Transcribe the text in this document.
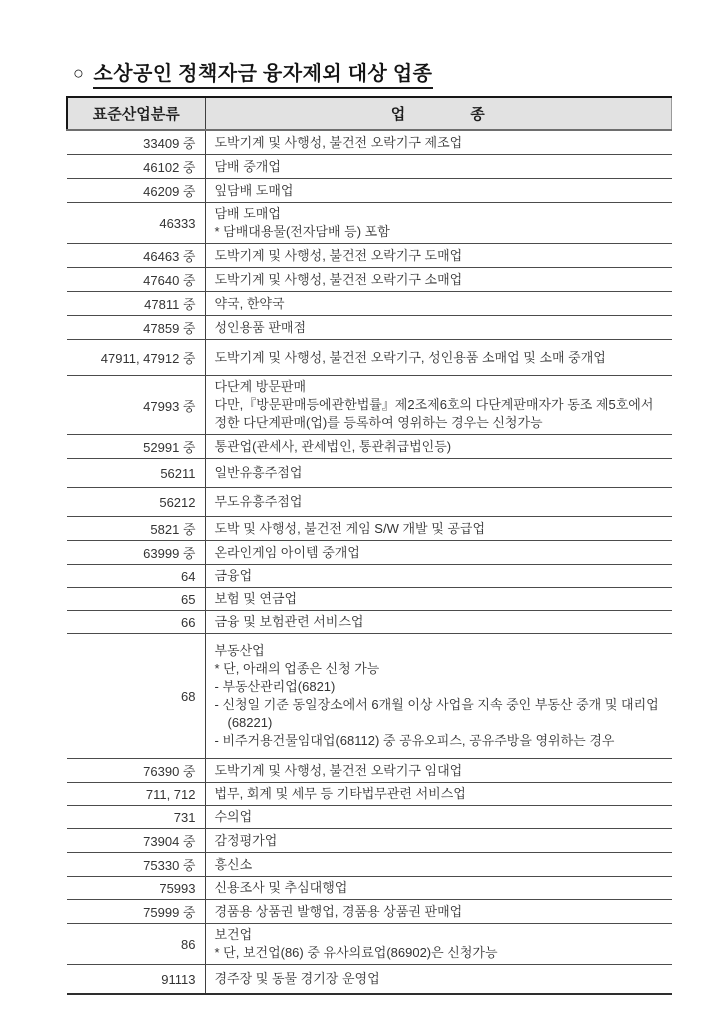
○ 소상공인 정책자금 융자제외 대상 업종
표준산업분류	업　　　　종
33409 중	도박기계 및 사행성, 불건전 오락기구 제조업

46102 중	담배 중개업

46209 중	잎담배 도매업

46333	담배 도매업
* 담배대용물(전자담배 등) 포함

46463 중	도박기계 및 사행성, 불건전 오락기구 도매업

47640 중	도박기계 및 사행성, 불건전 오락기구 소매업

47811 중	약국, 한약국

47859 중	성인용품 판매점

47911, 47912 중	도박기계 및 사행성, 불건전 오락기구, 성인용품 소매업 및 소매 중개업

47993 중	다단계 방문판매
다만,『방문판매등에관한법률』제2조제6호의 다단계판매자가 동조 제5호에서 정한 다단계판매(업)를 등록하여 영위하는 경우는 신청가능

52991 중	통관업(관세사, 관세법인, 통관취급법인등)

56211	일반유흥주점업

56212	무도유흥주점업

5821 중	도박 및 사행성, 불건전 게임 S/W 개발 및 공급업

63999 중	온라인게임 아이템 중개업

64	금융업

65	보험 및 연금업

66	금융 및 보험관련 서비스업

68	부동산업
* 단, 아래의 업종은 신청 가능
- 부동산관리업(6821)
- 신청일 기준 동일장소에서 6개월 이상 사업을 지속 중인 부동산 중개 및 대리업(68221)
- 비주거용건물임대업(68112) 중 공유오피스, 공유주방을 영위하는 경우

76390 중	도박기계 및 사행성, 불건전 오락기구 임대업

711, 712	법무, 회계 및 세무 등 기타법무관련 서비스업

731	수의업

73904 중	감정평가업

75330 중	흥신소

75993	신용조사 및 추심대행업

75999 중	경품용 상품권 발행업, 경품용 상품권 판매업

86	보건업
* 단, 보건업(86) 중 유사의료업(86902)은 신청가능

91113	경주장 및 동물 경기장 운영업
